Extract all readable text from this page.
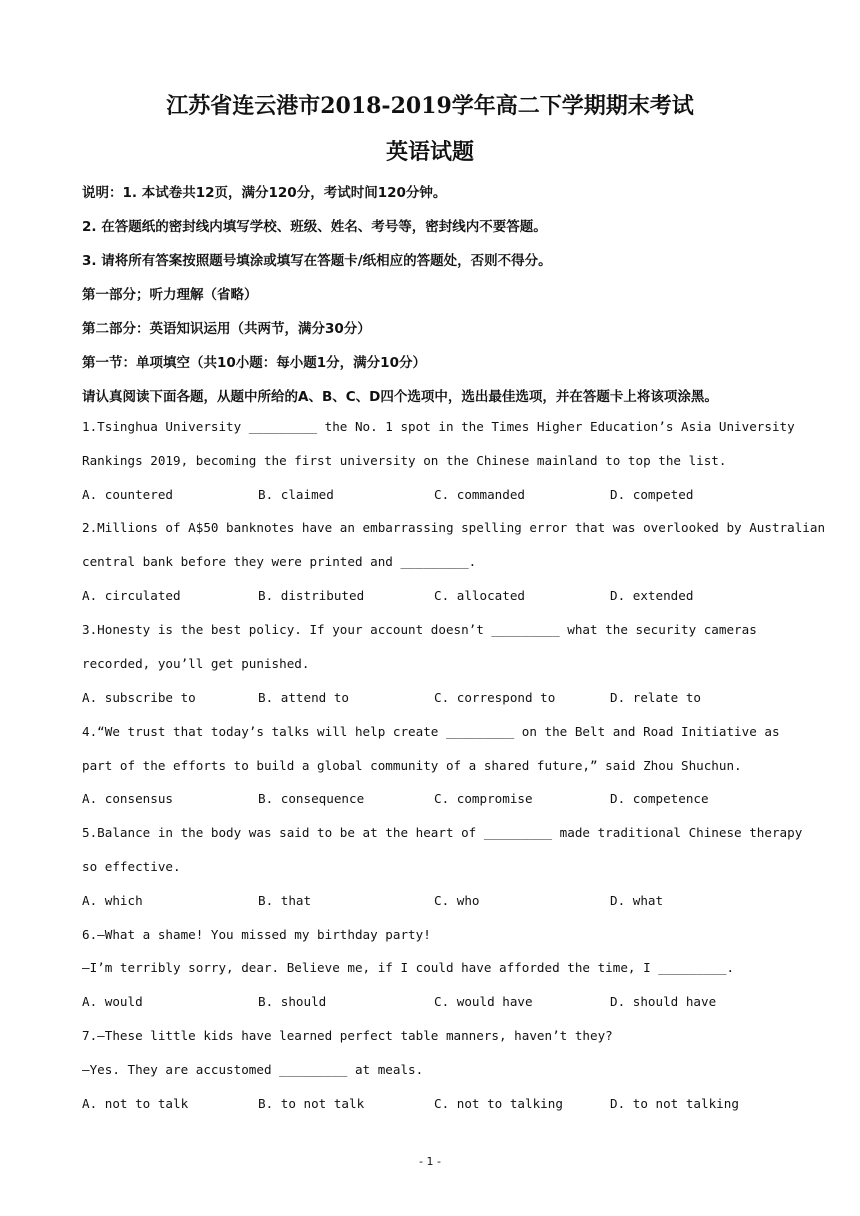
江苏省连云港市2018-2019学年高二下学期期末考试
英语试题
说明：1. 本试卷共12页，满分120分，考试时间120分钟。
2. 在答题纸的密封线内填写学校、班级、姓名、考号等，密封线内不要答题。
3. 请将所有答案按照题号填涂或填写在答题卡/纸相应的答题处，否则不得分。
第一部分；听力理解（省略）
第二部分：英语知识运用（共两节，满分30分）
第一节：单项填空（共10小题：每小题1分，满分10分）
请认真阅读下面各题，从题中所给的A、B、C、D四个选项中，选出最佳选项，并在答题卡上将该项涂黑。
1.Tsinghua University _________ the No. 1 spot in the Times Higher Education’s Asia University
Rankings 2019, becoming the first university on the Chinese mainland to top the list.
A. countered	B. claimed	C. commanded	D. competed
2.Millions of A$50 banknotes have an embarrassing spelling error that was overlooked by Australian
central bank before they were printed and _________.
A. circulated	B. distributed	C. allocated	D. extended
3.Honesty is the best policy. If your account doesn’t _________ what the security cameras
recorded, you’ll get punished.
A. subscribe to	B. attend to	C. correspond to	D. relate to
4.“We trust that today’s talks will help create _________ on the Belt and Road Initiative as
part of the efforts to build a global community of a shared future,” said Zhou Shuchun.
A. consensus	B. consequence	C. compromise	D. competence
5.Balance in the body was said to be at the heart of _________ made traditional Chinese therapy
so effective.
A. which	B. that	C. who	D. what
6.—What a shame! You missed my birthday party!
—I’m terribly sorry, dear. Believe me, if I could have afforded the time, I _________.
A. would	B. should	C. would have	D. should have
7.—These little kids have learned perfect table manners, haven’t they?
—Yes. They are accustomed _________ at meals.
A. not to talk	B. to not talk	C. not to talking	D. to not talking
- 1 -
